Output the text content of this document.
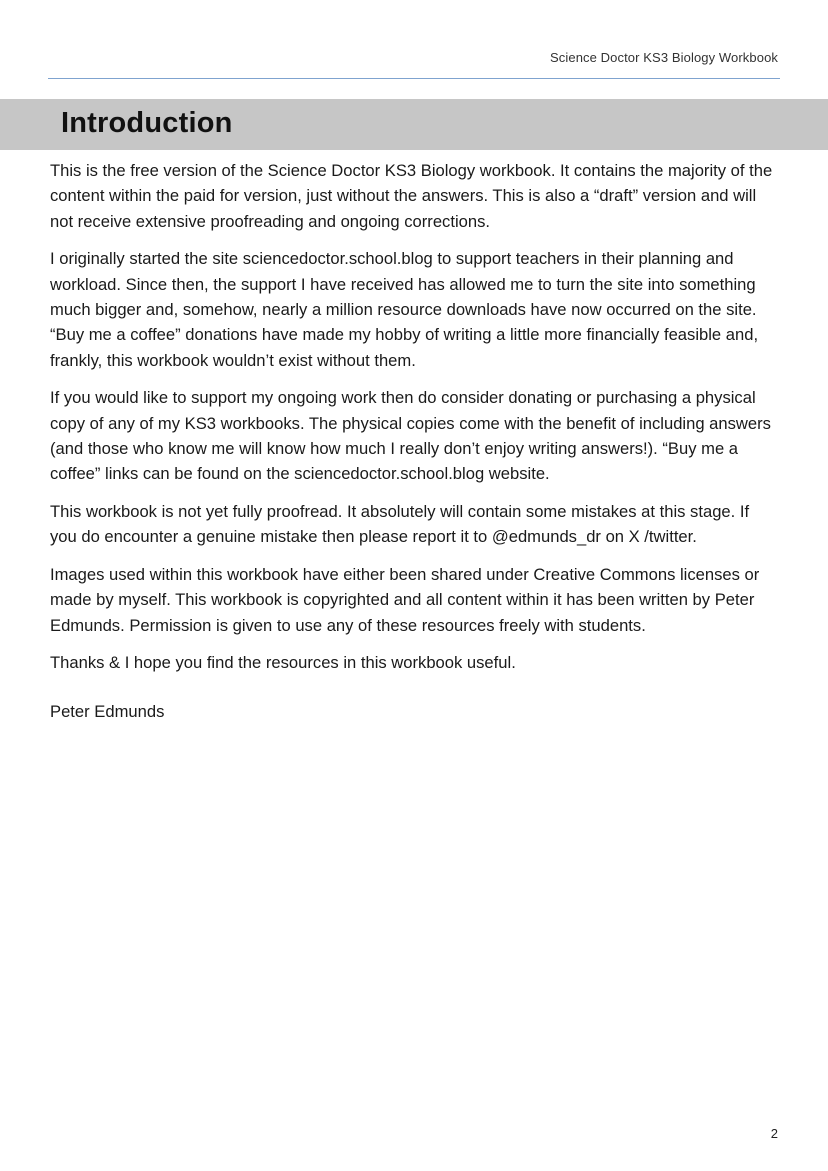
Science Doctor KS3 Biology Workbook
Introduction

This is the free version of the Science Doctor KS3 Biology workbook. It contains the majority of the content within the paid for version, just without the answers. This is also a “draft” version and will not receive extensive proofreading and ongoing corrections.

I originally started the site sciencedoctor.school.blog to support teachers in their planning and workload. Since then, the support I have received has allowed me to turn the site into something much bigger and, somehow, nearly a million resource downloads have now occurred on the site. “Buy me a coffee” donations have made my hobby of writing a little more financially feasible and, frankly, this workbook wouldn’t exist without them.

If you would like to support my ongoing work then do consider donating or purchasing a physical copy of any of my KS3 workbooks. The physical copies come with the benefit of including answers (and those who know me will know how much I really don’t enjoy writing answers!). “Buy me a coffee” links can be found on the sciencedoctor.school.blog website.

This workbook is not yet fully proofread. It absolutely will contain some mistakes at this stage. If you do encounter a genuine mistake then please report it to @edmunds_dr on X /twitter.

Images used within this workbook have either been shared under Creative Commons licenses or made by myself. This workbook is copyrighted and all content within it has been written by Peter Edmunds. Permission is given to use any of these resources freely with students.

Thanks & I hope you find the resources in this workbook useful.

Peter Edmunds

2
